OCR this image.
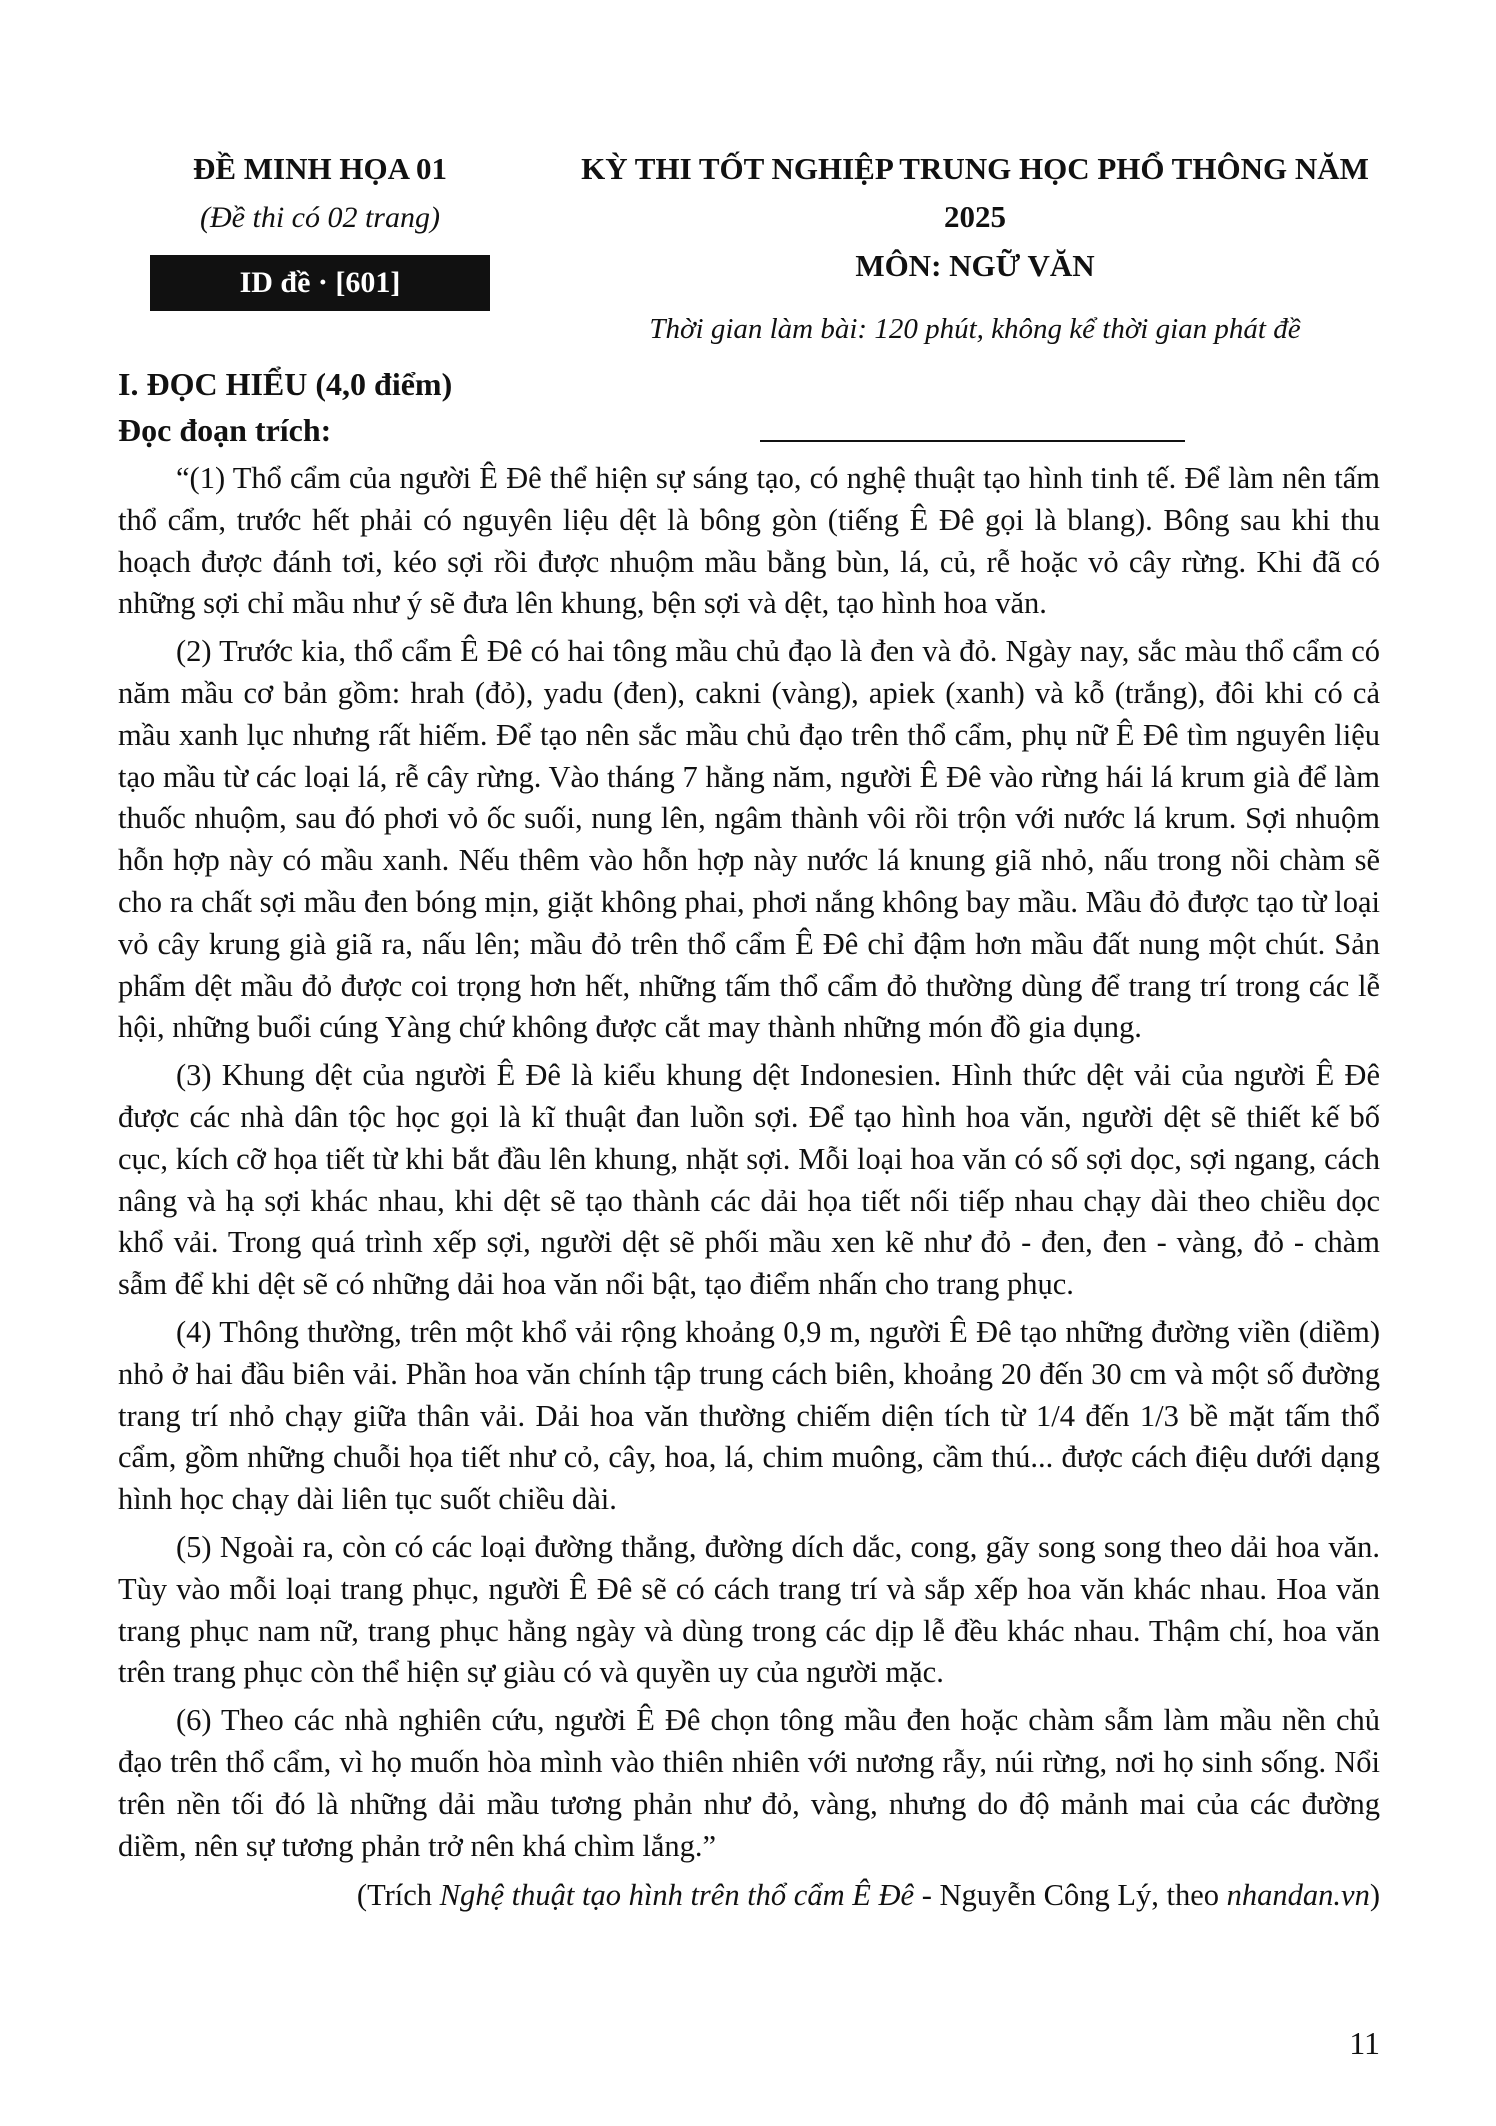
ĐỀ MINH HỌA 01
(Đề thi có 02 trang)
ID đề · [601]
KỲ THI TỐT NGHIỆP TRUNG HỌC PHỔ THÔNG NĂM 2025
MÔN: NGỮ VĂN
Thời gian làm bài: 120 phút, không kể thời gian phát đề
I. ĐỌC HIỂU (4,0 điểm)
Đọc đoạn trích:

“(1) Thổ cẩm của người Ê Đê thể hiện sự sáng tạo, có nghệ thuật tạo hình tinh tế. Để làm nên tấm thổ cẩm, trước hết phải có nguyên liệu dệt là bông gòn (tiếng Ê Đê gọi là blang). Bông sau khi thu hoạch được đánh tơi, kéo sợi rồi được nhuộm mầu bằng bùn, lá, củ, rễ hoặc vỏ cây rừng. Khi đã có những sợi chỉ mầu như ý sẽ đưa lên khung, bện sợi và dệt, tạo hình hoa văn.

(2) Trước kia, thổ cẩm Ê Đê có hai tông mầu chủ đạo là đen và đỏ. Ngày nay, sắc màu thổ cẩm có năm mầu cơ bản gồm: hrah (đỏ), yadu (đen), cakni (vàng), apiek (xanh) và kỗ (trắng), đôi khi có cả mầu xanh lục nhưng rất hiếm. Để tạo nên sắc mầu chủ đạo trên thổ cẩm, phụ nữ Ê Đê tìm nguyên liệu tạo mầu từ các loại lá, rễ cây rừng. Vào tháng 7 hằng năm, người Ê Đê vào rừng hái lá krum già để làm thuốc nhuộm, sau đó phơi vỏ ốc suối, nung lên, ngâm thành vôi rồi trộn với nước lá krum. Sợi nhuộm hỗn hợp này có mầu xanh. Nếu thêm vào hỗn hợp này nước lá knung giã nhỏ, nấu trong nồi chàm sẽ cho ra chất sợi mầu đen bóng mịn, giặt không phai, phơi nắng không bay mầu. Mầu đỏ được tạo từ loại vỏ cây krung già giã ra, nấu lên; mầu đỏ trên thổ cẩm Ê Đê chỉ đậm hơn mầu đất nung một chút. Sản phẩm dệt mầu đỏ được coi trọng hơn hết, những tấm thổ cẩm đỏ thường dùng để trang trí trong các lễ hội, những buổi cúng Yàng chứ không được cắt may thành những món đồ gia dụng.

(3) Khung dệt của người Ê Đê là kiểu khung dệt Indonesien. Hình thức dệt vải của người Ê Đê được các nhà dân tộc học gọi là kĩ thuật đan luồn sợi. Để tạo hình hoa văn, người dệt sẽ thiết kế bố cục, kích cỡ họa tiết từ khi bắt đầu lên khung, nhặt sợi. Mỗi loại hoa văn có số sợi dọc, sợi ngang, cách nâng và hạ sợi khác nhau, khi dệt sẽ tạo thành các dải họa tiết nối tiếp nhau chạy dài theo chiều dọc khổ vải. Trong quá trình xếp sợi, người dệt sẽ phối mầu xen kẽ như đỏ - đen, đen - vàng, đỏ - chàm sẫm để khi dệt sẽ có những dải hoa văn nổi bật, tạo điểm nhấn cho trang phục.

(4) Thông thường, trên một khổ vải rộng khoảng 0,9 m, người Ê Đê tạo những đường viền (diềm) nhỏ ở hai đầu biên vải. Phần hoa văn chính tập trung cách biên, khoảng 20 đến 30 cm và một số đường trang trí nhỏ chạy giữa thân vải. Dải hoa văn thường chiếm diện tích từ 1/4 đến 1/3 bề mặt tấm thổ cẩm, gồm những chuỗi họa tiết như cỏ, cây, hoa, lá, chim muông, cầm thú... được cách điệu dưới dạng hình học chạy dài liên tục suốt chiều dài.

(5) Ngoài ra, còn có các loại đường thẳng, đường dích dắc, cong, gãy song song theo dải hoa văn. Tùy vào mỗi loại trang phục, người Ê Đê sẽ có cách trang trí và sắp xếp hoa văn khác nhau. Hoa văn trang phục nam nữ, trang phục hằng ngày và dùng trong các dịp lễ đều khác nhau. Thậm chí, hoa văn trên trang phục còn thể hiện sự giàu có và quyền uy của người mặc.

(6) Theo các nhà nghiên cứu, người Ê Đê chọn tông mầu đen hoặc chàm sẫm làm mầu nền chủ đạo trên thổ cẩm, vì họ muốn hòa mình vào thiên nhiên với nương rẫy, núi rừng, nơi họ sinh sống. Nổi trên nền tối đó là những dải mầu tương phản như đỏ, vàng, nhưng do độ mảnh mai của các đường diềm, nên sự tương phản trở nên khá chìm lắng.”

(Trích Nghệ thuật tạo hình trên thổ cẩm Ê Đê - Nguyễn Công Lý, theo nhandan.vn)
11
